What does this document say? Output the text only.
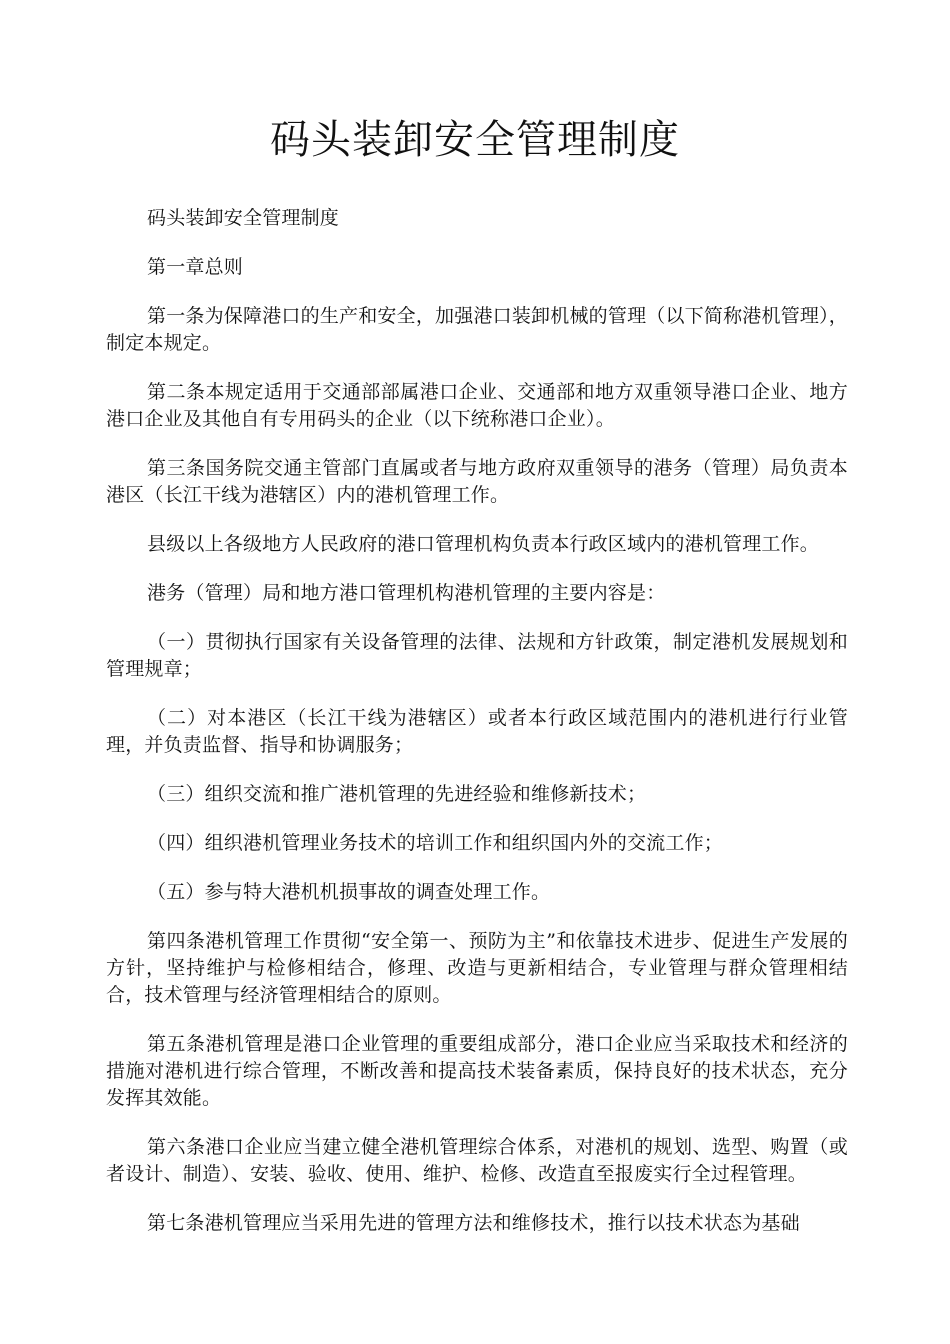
码头装卸安全管理制度

码头装卸安全管理制度

第一章总则

第一条为保障港口的生产和安全，加强港口装卸机械的管理（以下简称港机管理），制定本规定。

第二条本规定适用于交通部部属港口企业、交通部和地方双重领导港口企业、地方港口企业及其他自有专用码头的企业（以下统称港口企业）。

第三条国务院交通主管部门直属或者与地方政府双重领导的港务（管理）局负责本港区（长江干线为港辖区）内的港机管理工作。

县级以上各级地方人民政府的港口管理机构负责本行政区域内的港机管理工作。

港务（管理）局和地方港口管理机构港机管理的主要内容是：

（一）贯彻执行国家有关设备管理的法律、法规和方针政策，制定港机发展规划和管理规章；

（二）对本港区（长江干线为港辖区）或者本行政区域范围内的港机进行行业管理，并负责监督、指导和协调服务；

（三）组织交流和推广港机管理的先进经验和维修新技术；

（四）组织港机管理业务技术的培训工作和组织国内外的交流工作；

（五）参与特大港机机损事故的调查处理工作。

第四条港机管理工作贯彻“安全第一、预防为主”和依靠技术进步、促进生产发展的方针，坚持维护与检修相结合，修理、改造与更新相结合，专业管理与群众管理相结合，技术管理与经济管理相结合的原则。

第五条港机管理是港口企业管理的重要组成部分，港口企业应当采取技术和经济的措施对港机进行综合管理，不断改善和提高技术装备素质，保持良好的技术状态，充分发挥其效能。

第六条港口企业应当建立健全港机管理综合体系，对港机的规划、选型、购置（或者设计、制造）、安装、验收、使用、维护、检修、改造直至报废实行全过程管理。

第七条港机管理应当采用先进的管理方法和维修技术，推行以技术状态为基础
